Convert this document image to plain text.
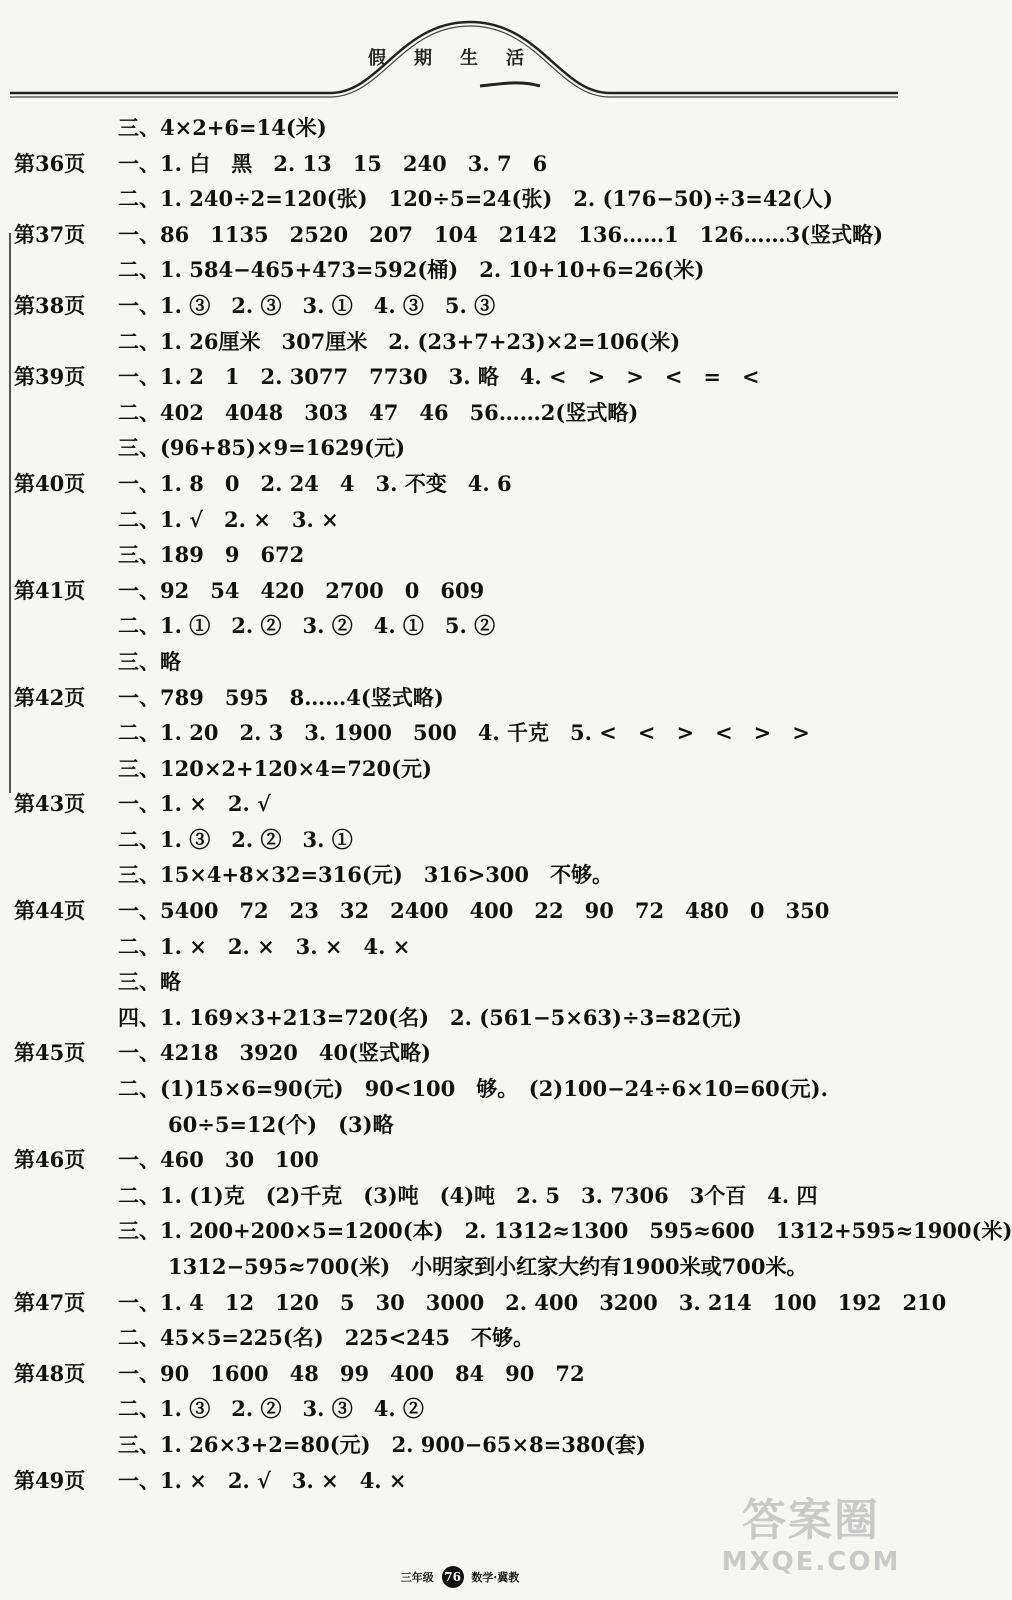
假期生活
三、4×2+6=14(米)
第36页	一、1. 白　黑　2. 13　15　240　3. 7　6
二、1. 240÷2=120(张)　120÷5=24(张)　2. (176−50)÷3=42(人)
第37页	一、86　1135　2520　207　104　2142　136……1　126……3(竖式略)
二、1. 584−465+473=592(桶)　2. 10+10+6=26(米)
第38页	一、1. ③　2. ③　3. ①　4. ③　5. ③
二、1. 26厘米　307厘米　2. (23+7+23)×2=106(米)
第39页	一、1. 2　1　2. 3077　7730　3. 略　4. <　>　>　<　=　<
二、402　4048　303　47　46　56……2(竖式略)
三、(96+85)×9=1629(元)
第40页	一、1. 8　0　2. 24　4　3. 不变　4. 6
二、1. √　2. ×　3. ×
三、189　9　672
第41页	一、92　54　420　2700　0　609
二、1. ①　2. ②　3. ②　4. ①　5. ②
三、略
第42页	一、789　595　8……4(竖式略)
二、1. 20　2. 3　3. 1900　500　4. 千克　5. <　<　>　<　>　>
三、120×2+120×4=720(元)
第43页	一、1. ×　2. √
二、1. ③　2. ②　3. ①
三、15×4+8×32=316(元)　316>300　不够。
第44页	一、5400　72　23　32　2400　400　22　90　72　480　0　350
二、1. ×　2. ×　3. ×　4. ×
三、略
四、1. 169×3+213=720(名)　2. (561−5×63)÷3=82(元)
第45页	一、4218　3920　40(竖式略)
二、(1)15×6=90(元)　90<100　够。　(2)100−24÷6×10=60(元).
60÷5=12(个)　(3)略
第46页	一、460　30　100
二、1. (1)克　(2)千克　(3)吨　(4)吨　2. 5　3. 7306　3个百　4. 四
三、1. 200+200×5=1200(本)　2. 1312≈1300　595≈600　1312+595≈1900(米)
1312−595≈700(米)　小明家到小红家大约有1900米或700米。
第47页	一、1. 4　12　120　5　30　3000　2. 400　3200　3. 214　100　192　210
二、45×5=225(名)　225<245　不够。
第48页	一、90　1600　48　99　400　84　90　72
二、1. ③　2. ②　3. ③　4. ②
三、1. 26×3+2=80(元)　2. 900−65×8=380(套)
第49页	一、1. ×　2. √　3. ×　4. ×
三年级 76 数学·冀教
答案圈
MXQE.COM
